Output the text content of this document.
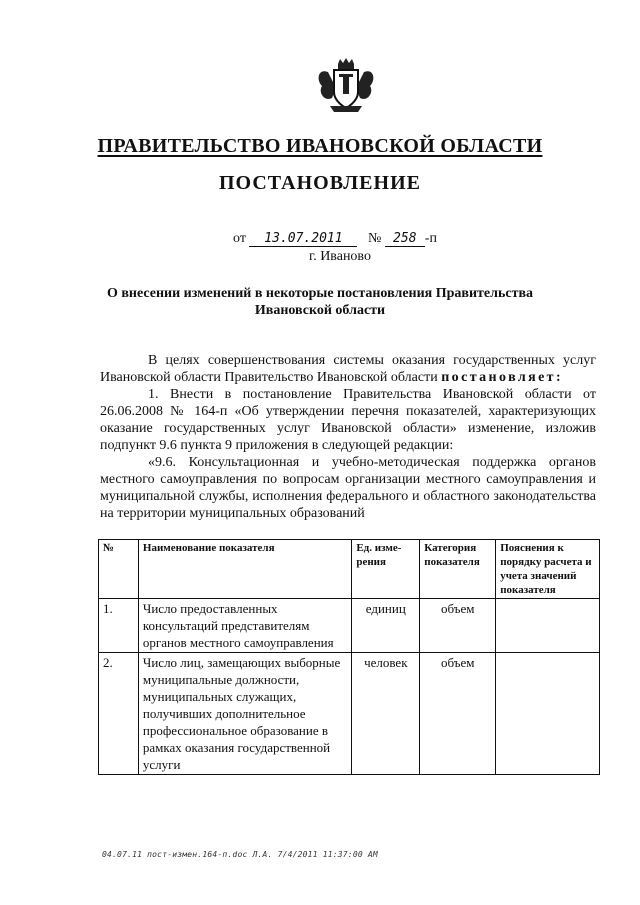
ПРАВИТЕЛЬСТВО ИВАНОВСКОЙ ОБЛАСТИ
ПОСТАНОВЛЕНИЕ
от 13.07.2011 № 258 -п
г. Иваново
О внесении изменений в некоторые постановления Правительства Ивановской области

В целях совершенствования системы оказания государственных услуг Ивановской области Правительство Ивановской области постановляет:

1. Внести в постановление Правительства Ивановской области от 26.06.2008 № 164-п «Об утверждении перечня показателей, характеризующих оказание государственных услуг Ивановской области» изменение, изложив подпункт 9.6 пункта 9 приложения в следующей редакции:

«9.6. Консультационная и учебно-методическая поддержка органов местного самоуправления по вопросам организации местного самоуправления и муниципальной службы, исполнения федерального и областного законодательства на территории муниципальных образований

№	Наименование показателя	Ед. изме-рения	Категория показателя	Пояснения к порядку расчета и учета значений показателя
1.	Число предоставленных консультаций представителям органов местного самоуправления	единиц	объем	
2.	Число лиц, замещающих выборные муниципальные должности, муниципальных служащих, получивших дополнительное профессиональное образование в рамках оказания государственной услуги	человек	объем	
04.07.11 пост-измен.164-п.doc Л.А. 7/4/2011 11:37:00 AM
